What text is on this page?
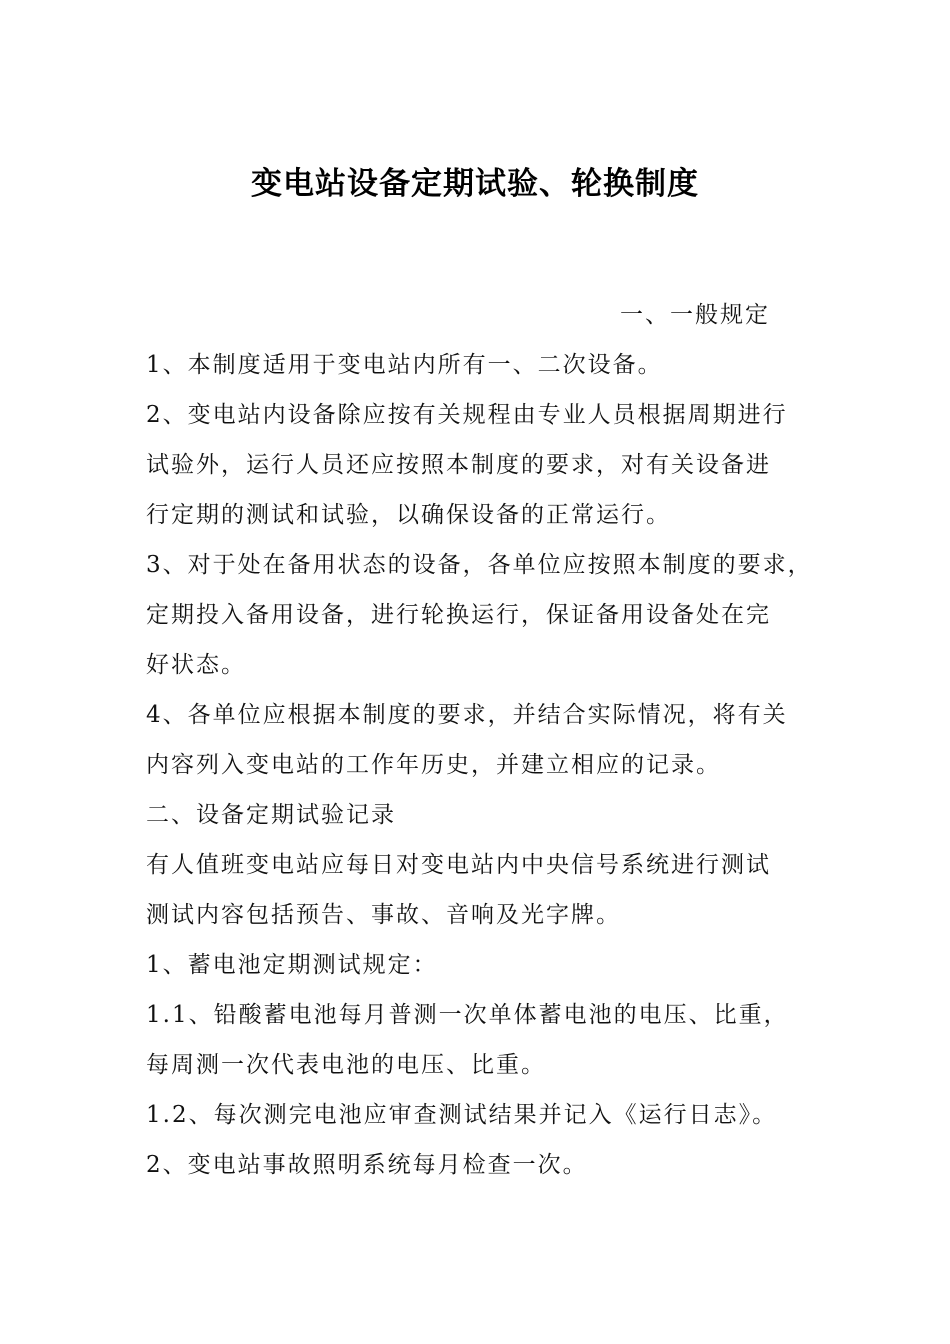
变电站设备定期试验、轮换制度
一、一般规定
1、本制度适用于变电站内所有一、二次设备。
2、变电站内设备除应按有关规程由专业人员根据周期进行
试验外，运行人员还应按照本制度的要求，对有关设备进
行定期的测试和试验，以确保设备的正常运行。
3、对于处在备用状态的设备，各单位应按照本制度的要求，
定期投入备用设备，进行轮换运行，保证备用设备处在完
好状态。
4、各单位应根据本制度的要求，并结合实际情况，将有关
内容列入变电站的工作年历史，并建立相应的记录。
二、设备定期试验记录
有人值班变电站应每日对变电站内中央信号系统进行测试
测试内容包括预告、事故、音响及光字牌。
1、蓄电池定期测试规定：
1.1、铅酸蓄电池每月普测一次单体蓄电池的电压、比重，
每周测一次代表电池的电压、比重。
1.2、每次测完电池应审查测试结果并记入《运行日志》。
2、变电站事故照明系统每月检查一次。
